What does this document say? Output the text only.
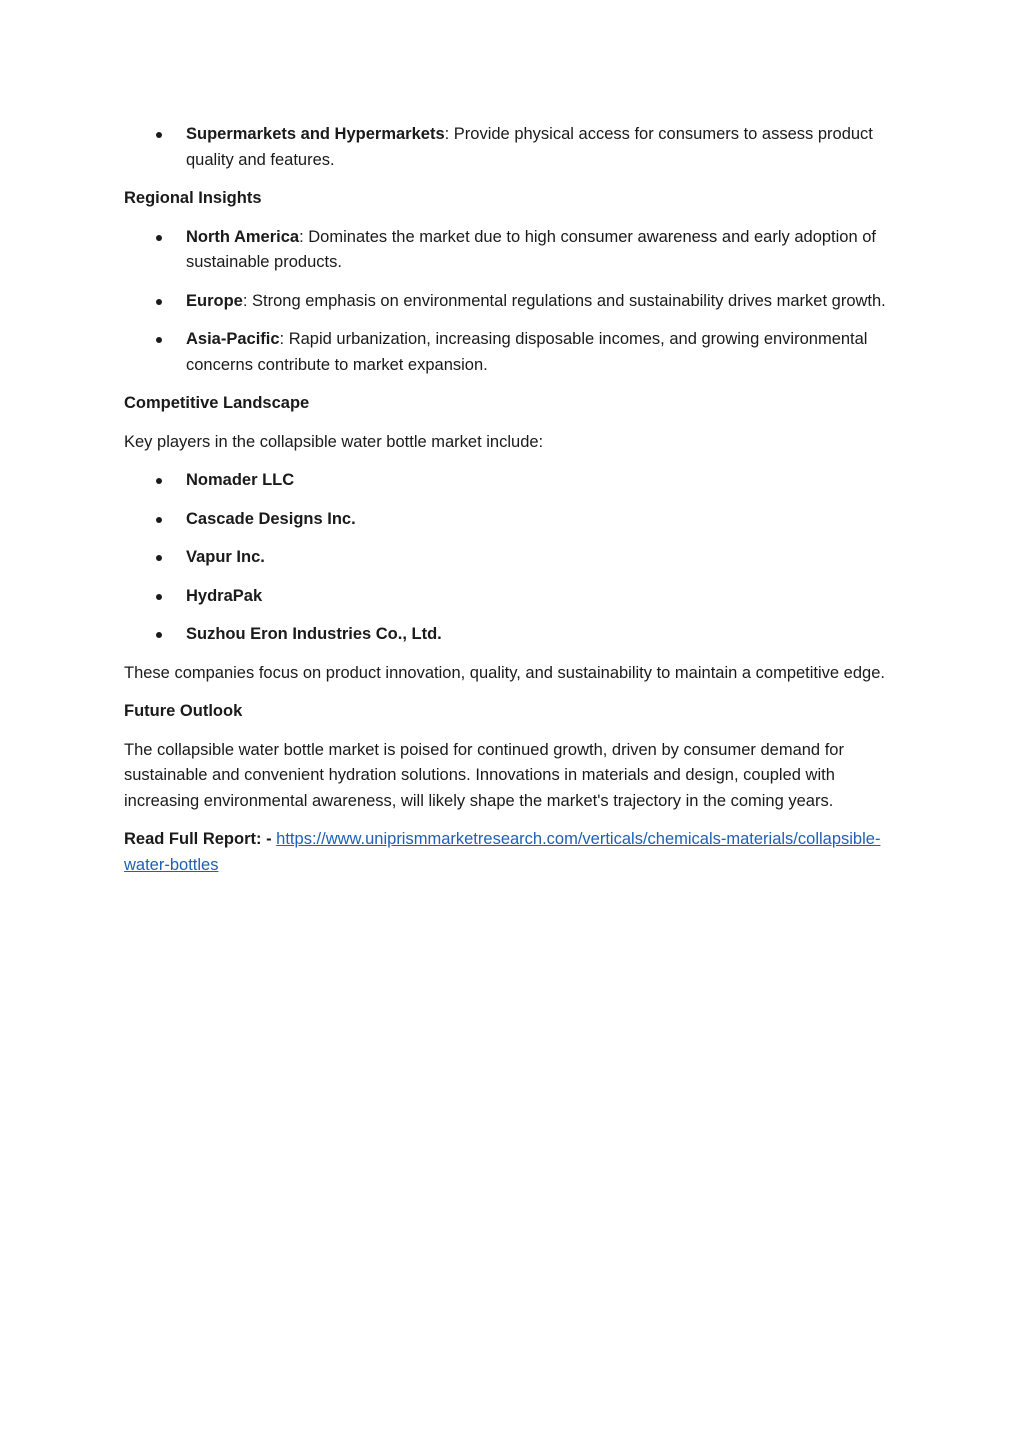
Supermarkets and Hypermarkets: Provide physical access for consumers to assess product quality and features.

Regional Insights

North America: Dominates the market due to high consumer awareness and early adoption of sustainable products.
Europe: Strong emphasis on environmental regulations and sustainability drives market growth.
Asia-Pacific: Rapid urbanization, increasing disposable incomes, and growing environmental concerns contribute to market expansion.

Competitive Landscape

Key players in the collapsible water bottle market include:

Nomader LLC
Cascade Designs Inc.
Vapur Inc.
HydraPak
Suzhou Eron Industries Co., Ltd.

These companies focus on product innovation, quality, and sustainability to maintain a competitive edge.

Future Outlook

The collapsible water bottle market is poised for continued growth, driven by consumer demand for sustainable and convenient hydration solutions. Innovations in materials and design, coupled with increasing environmental awareness, will likely shape the market's trajectory in the coming years.

Read Full Report: - https://www.uniprismmarketresearch.com/verticals/chemicals-materials/collapsible-water-bottles
